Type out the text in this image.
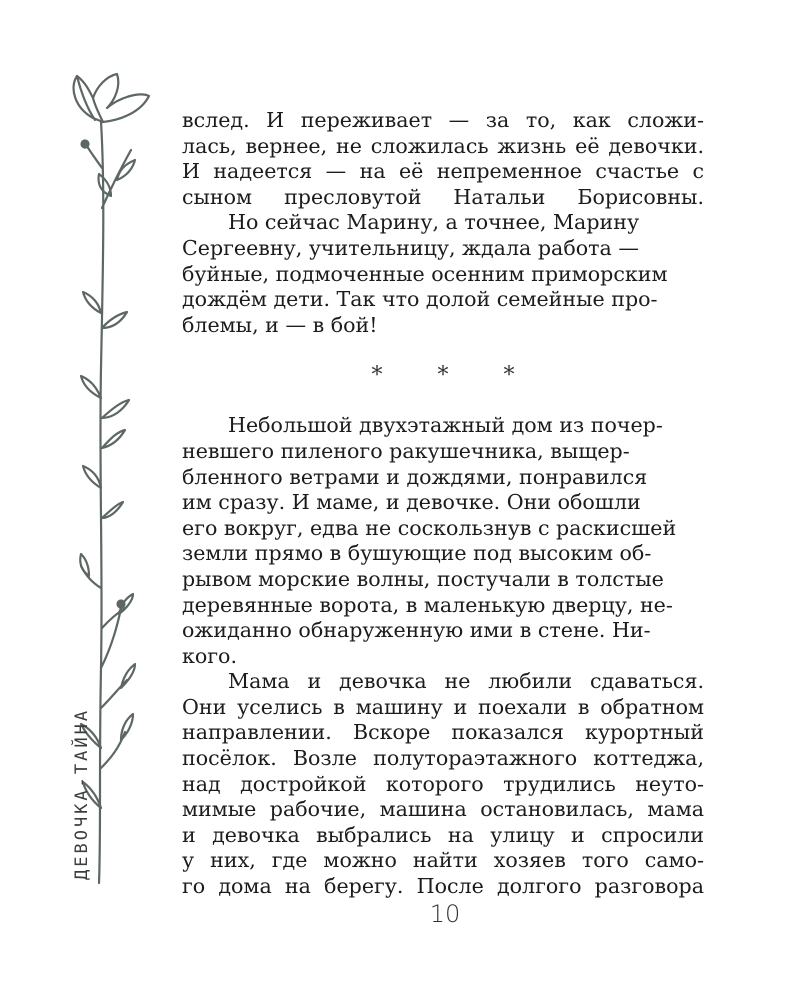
ДЕВОЧКА-ТАЙНА

вслед. И переживает — за то, как сложи-
лась, вернее, не сложилась жизнь её девочки.
И надеется — на её непременное счастье с
сыном пресловутой Натальи Борисовны.

Но сейчас Марину, а точнее, Марину
Сергеевну, учительницу, ждала работа —
буйные, подмоченные осенним приморским
дождём дети. Так что долой семейные про-
блемы, и — в бой!

* * *

Небольшой двухэтажный дом из почер-
невшего пиленого ракушечника, выщер-
бленного ветрами и дождями, понравился
им сразу. И маме, и девочке. Они обошли
его вокруг, едва не соскользнув с раскисшей
земли прямо в бушующие под высоким об-
рывом морские волны, постучали в толстые
деревянные ворота, в маленькую дверцу, не-
ожиданно обнаруженную ими в стене. Ни-
кого.

Мама и девочка не любили сдаваться.
Они уселись в машину и поехали в обратном
направлении. Вскоре показался курортный
посёлок. Возле полутораэтажного коттеджа,
над достройкой которого трудились неуто-
мимые рабочие, машина остановилась, мама
и девочка выбрались на улицу и спросили
у них, где можно найти хозяев того само-
го дома на берегу. После долгого разговора

10
